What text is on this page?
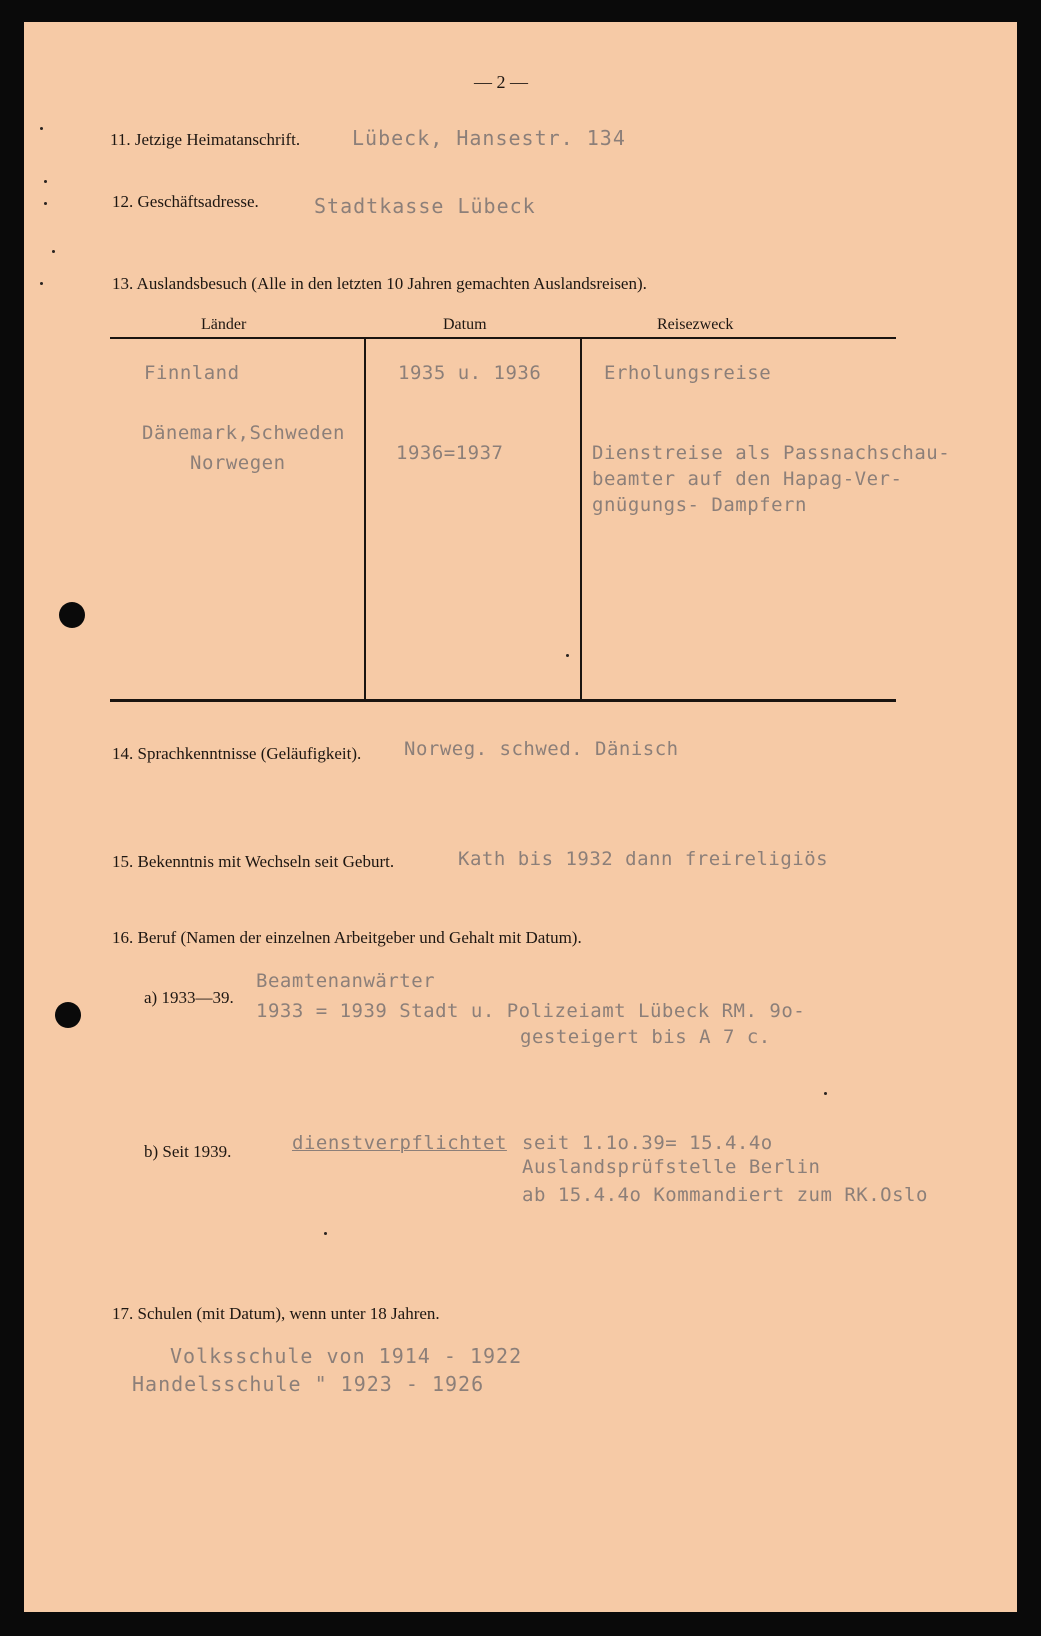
— 2 —
11. Jetzige Heimatanschrift.	Lübeck, Hansestr. 134
12. Geschäftsadresse.	Stadtkasse Lübeck
13. Auslandsbesuch (Alle in den letzten 10 Jahren gemachten Auslandsreisen).
Länder	Datum	Reisezweck
Finnland	1935 u. 1936	Erholungsreise
Dänemark,Schweden
Norwegen	1936=1937	Dienstreise als Passnachschau-
beamter auf den Hapag-Ver-
gnügungs- Dampfern
14. Sprachkenntnisse (Geläufigkeit). Norweg. schwed. Dänisch
15. Bekenntnis mit Wechseln seit Geburt.	Kath bis 1932 dann freireligiös
16. Beruf (Namen der einzelnen Arbeitgeber und Gehalt mit Datum).
a) 1933—39.
Beamtenanwärter
1933 = 1939 Stadt u. Polizeiamt Lübeck RM. 9o-
gesteigert bis A 7 c.
b) Seit 1939.	dienstverpflichtet seit 1.1o.39= 15.4.4o
Auslandsprüfstelle Berlin
ab 15.4.4o Kommandiert zum RK.Oslo
17. Schulen (mit Datum), wenn unter 18 Jahren.
Volksschule von 1914 - 1922
Handelsschule " 1923 - 1926
